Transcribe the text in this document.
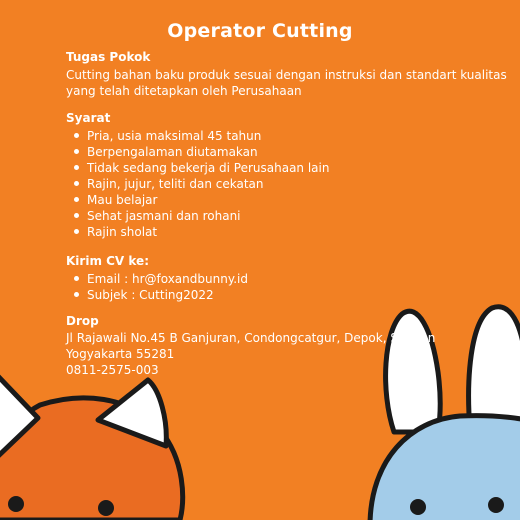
Operator Cutting
Tugas Pokok
Cutting bahan baku produk sesuai dengan instruksi dan standart kualitas
yang telah ditetapkan oleh Perusahaan
Syarat
Pria, usia maksimal 45 tahun
Berpengalaman diutamakan
Tidak sedang bekerja di Perusahaan lain
Rajin, jujur, teliti dan cekatan
Mau belajar
Sehat jasmani dan rohani
Rajin sholat
Kirim CV ke:
Email : hr@foxandbunny.id
Subjek : Cutting2022
Drop
Jl Rajawali No.45 B Ganjuran, Condongcatgur, Depok, Sleman
Yogyakarta 55281
0811-2575-003
